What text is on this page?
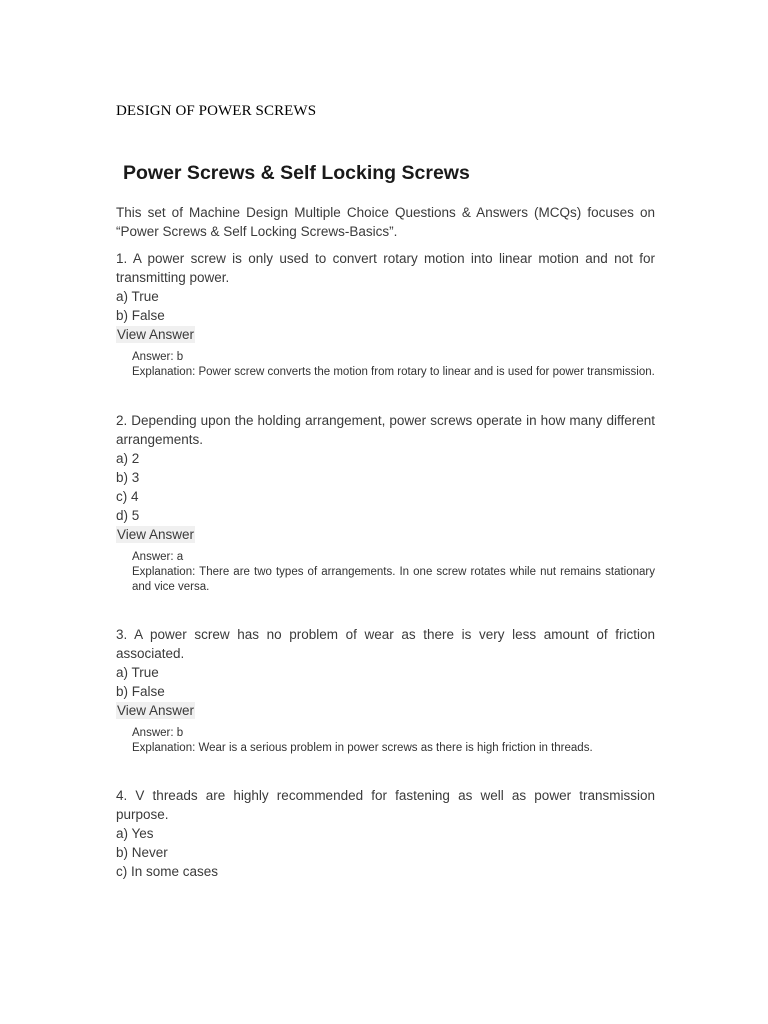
DESIGN OF POWER SCREWS
Power Screws & Self Locking Screws

This set of Machine Design Multiple Choice Questions & Answers (MCQs) focuses on “Power Screws & Self Locking Screws-Basics”.

1. A power screw is only used to convert rotary motion into linear motion and not for transmitting power.

a) True

b) False

View Answer

Answer: b

Explanation: Power screw converts the motion from rotary to linear and is used for power transmission.

2. Depending upon the holding arrangement, power screws operate in how many different arrangements.

a) 2

b) 3

c) 4

d) 5

View Answer

Answer: a

Explanation: There are two types of arrangements. In one screw rotates while nut remains stationary and vice versa.

3. A power screw has no problem of wear as there is very less amount of friction associated.

a) True

b) False

View Answer

Answer: b

Explanation: Wear is a serious problem in power screws as there is high friction in threads.

4. V threads are highly recommended for fastening as well as power transmission purpose.

a) Yes

b) Never

c) In some cases
